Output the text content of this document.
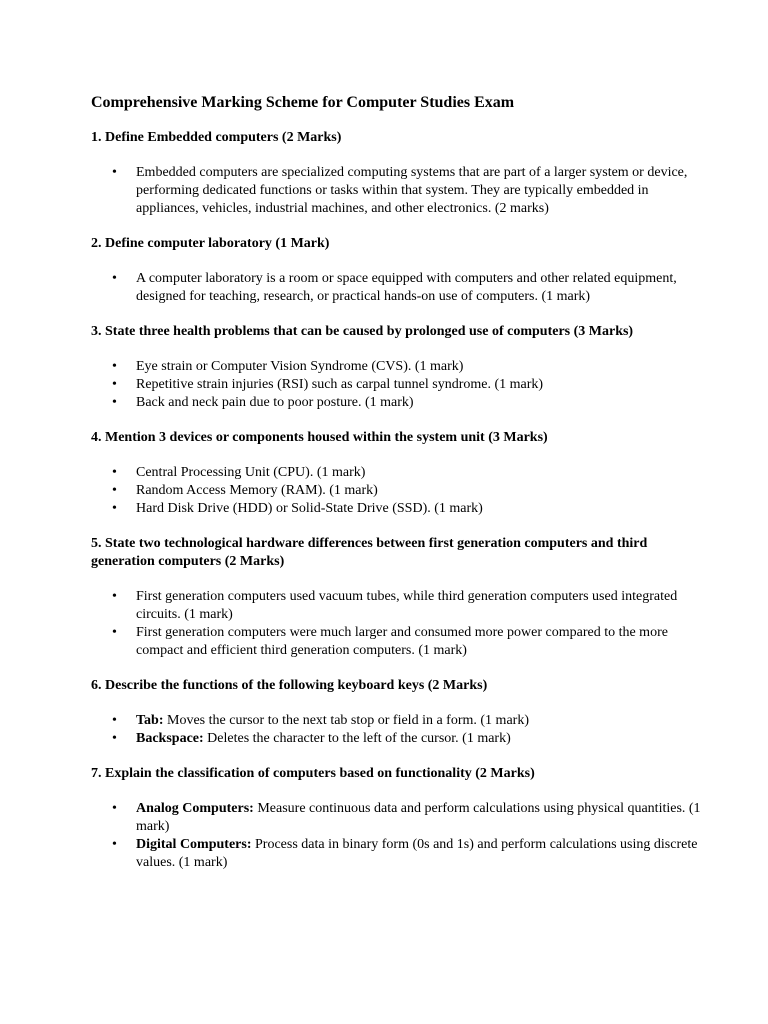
Comprehensive Marking Scheme for Computer Studies Exam
1. Define Embedded computers (2 Marks)
• Embedded computers are specialized computing systems that are part of a larger system or device, performing dedicated functions or tasks within that system. They are typically embedded in appliances, vehicles, industrial machines, and other electronics. (2 marks)
2. Define computer laboratory (1 Mark)
• A computer laboratory is a room or space equipped with computers and other related equipment, designed for teaching, research, or practical hands-on use of computers. (1 mark)
3. State three health problems that can be caused by prolonged use of computers (3 Marks)
• Eye strain or Computer Vision Syndrome (CVS). (1 mark)
• Repetitive strain injuries (RSI) such as carpal tunnel syndrome. (1 mark)
• Back and neck pain due to poor posture. (1 mark)
4. Mention 3 devices or components housed within the system unit (3 Marks)
• Central Processing Unit (CPU). (1 mark)
• Random Access Memory (RAM). (1 mark)
• Hard Disk Drive (HDD) or Solid-State Drive (SSD). (1 mark)
5. State two technological hardware differences between first generation computers and third generation computers (2 Marks)
• First generation computers used vacuum tubes, while third generation computers used integrated circuits. (1 mark)
• First generation computers were much larger and consumed more power compared to the more compact and efficient third generation computers. (1 mark)
6. Describe the functions of the following keyboard keys (2 Marks)
• Tab: Moves the cursor to the next tab stop or field in a form. (1 mark)
• Backspace: Deletes the character to the left of the cursor. (1 mark)
7. Explain the classification of computers based on functionality (2 Marks)
• Analog Computers: Measure continuous data and perform calculations using physical quantities. (1 mark)
• Digital Computers: Process data in binary form (0s and 1s) and perform calculations using discrete values. (1 mark)
